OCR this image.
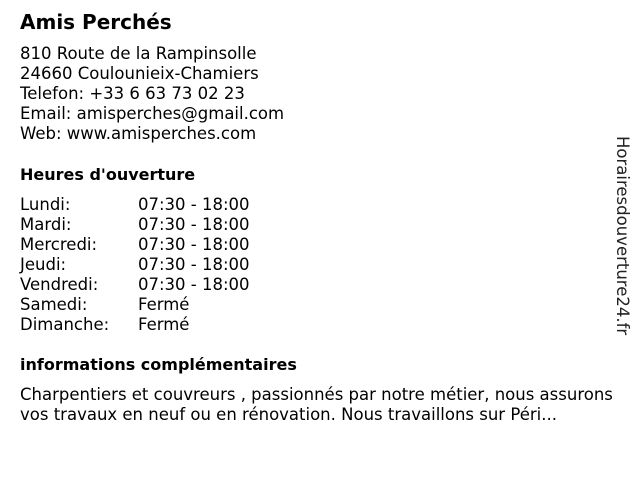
Amis Perchés
810 Route de la Rampinsolle
24660 Coulounieix-Chamiers
Telefon: +33 6 63 73 02 23
Email: amisperches@gmail.com
Web: www.amisperches.com
Heures d'ouverture
Lundi:	07:30 - 18:00
Mardi:	07:30 - 18:00
Mercredi: 07:30 - 18:00
Jeudi:	07:30 - 18:00
Vendredi: 07:30 - 18:00
Samedi:	Fermé
Dimanche: Fermé
informations complémentaires
Charpentiers et couvreurs , passionnés par notre métier, nous assurons vos travaux en neuf ou en rénovation. Nous travaillons sur Péri...
Horairesdouverture24.fr
